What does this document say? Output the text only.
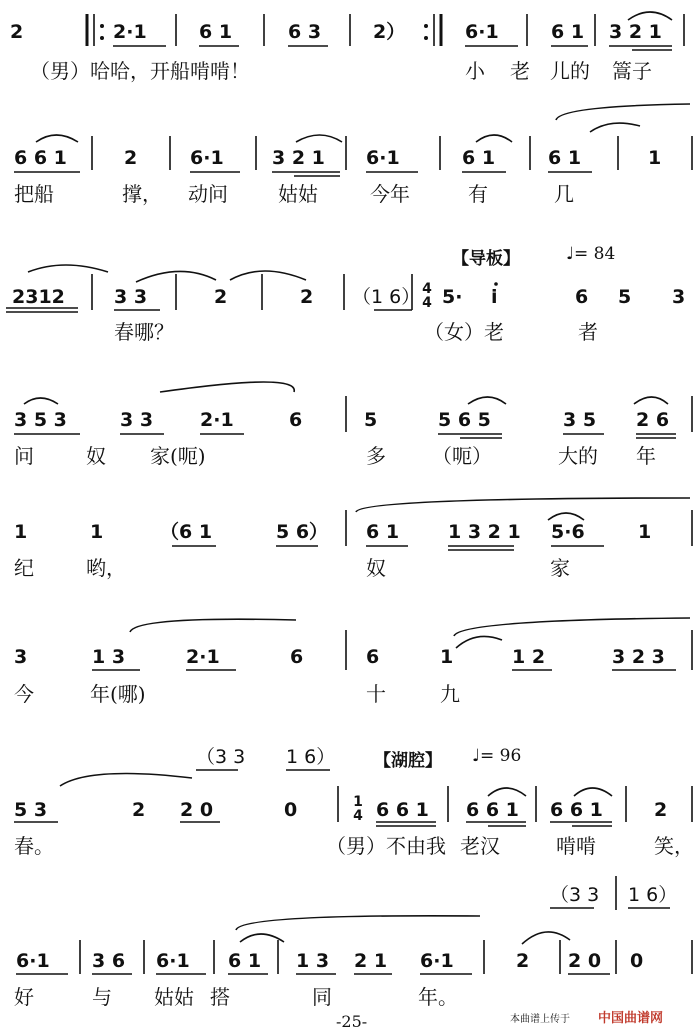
2	2·1	6 1	6 3	2）	6·1	6 1 3 2 1
（男）哈哈，开船啃啃！	小 老 儿的 篙子
6 6 1	2	6·1	3 2 1 6·1	6 1	6 1	1
把船	撑， 动问	姑姑	今年	有	几
【导板】	♩= 84
2312	3 3	2	2 （1 6） 4
4 5· i	6 5 3
春哪？	（女）老	者
3 5 3	3 3 2·1	6	5	5 6 5	3 5 2 6
问	奴 家(呃)	多 （呃）	大的 年
1	1	（6 1	5 6） 6 1	1 3 2 1 5·6	1
纪	哟，	奴	家
3	1 3	2·1	6	6	1	1 2	3 2 3
今	年(哪)	十	九
（3 3 1 6） 【湖腔】 ♩= 96
5 3	2 2 0	0	1
4 6 6 1 6 6 1 6 6 1	2
春。	（男）不由我 老汉	啃啃	笑，
（3 3 1 6）
6·1 3 6 6·1 6 1 1 3 2 1 6·1	2 2 0 0
好	与 姑姑 搭	同	年。
-25-	本曲谱上传于 中国曲谱网
